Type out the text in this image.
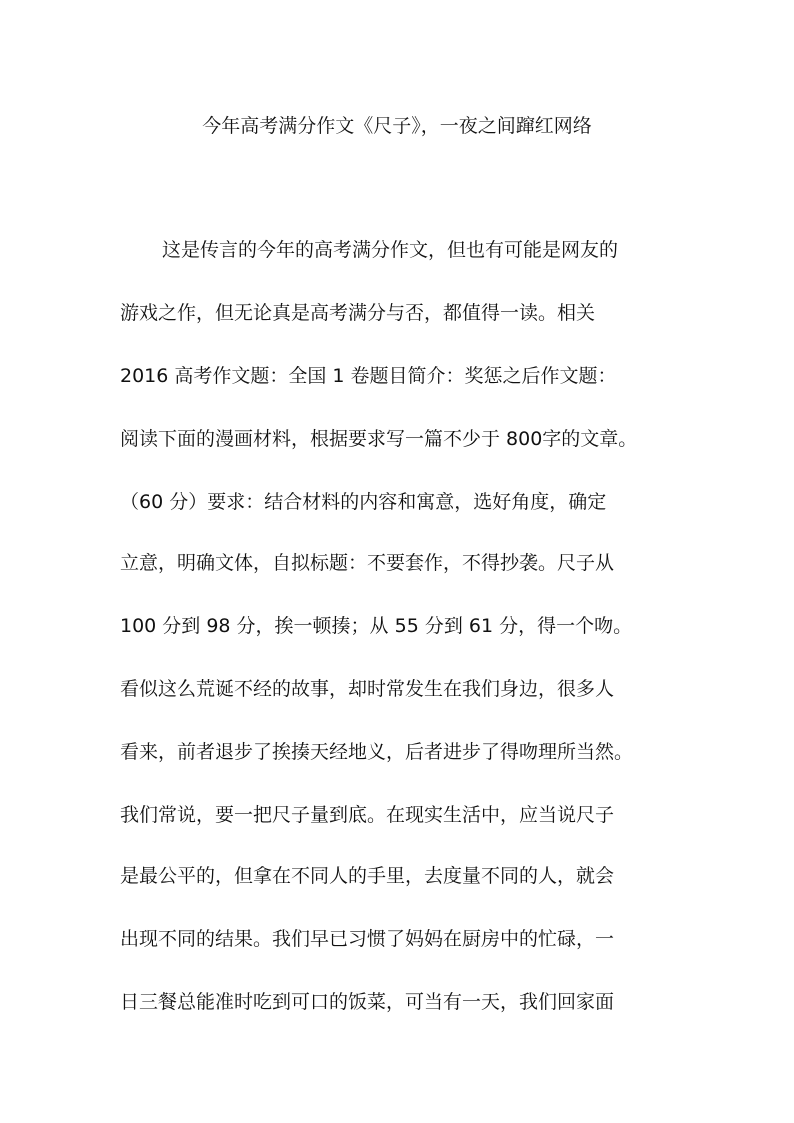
今年高考满分作文《尺子》，一夜之间蹿红网络
这是传言的今年的高考满分作文，但也有可能是网友的
游戏之作，但无论真是高考满分与否，都值得一读。相关
2016 高考作文题：全国 1 卷题目简介：奖惩之后作文题：
阅读下面的漫画材料，根据要求写一篇不少于 800字的文章。
（60 分）要求：结合材料的内容和寓意，选好角度，确定
立意，明确文体，自拟标题：不要套作，不得抄袭。尺子从
100 分到 98 分，挨一顿揍；从 55 分到 61 分，得一个吻。
看似这么荒诞不经的故事，却时常发生在我们身边，很多人
看来，前者退步了挨揍天经地义，后者进步了得吻理所当然。
我们常说，要一把尺子量到底。在现实生活中，应当说尺子
是最公平的，但拿在不同人的手里，去度量不同的人，就会
出现不同的结果。我们早已习惯了妈妈在厨房中的忙碌，一
日三餐总能准时吃到可口的饭菜，可当有一天，我们回家面
